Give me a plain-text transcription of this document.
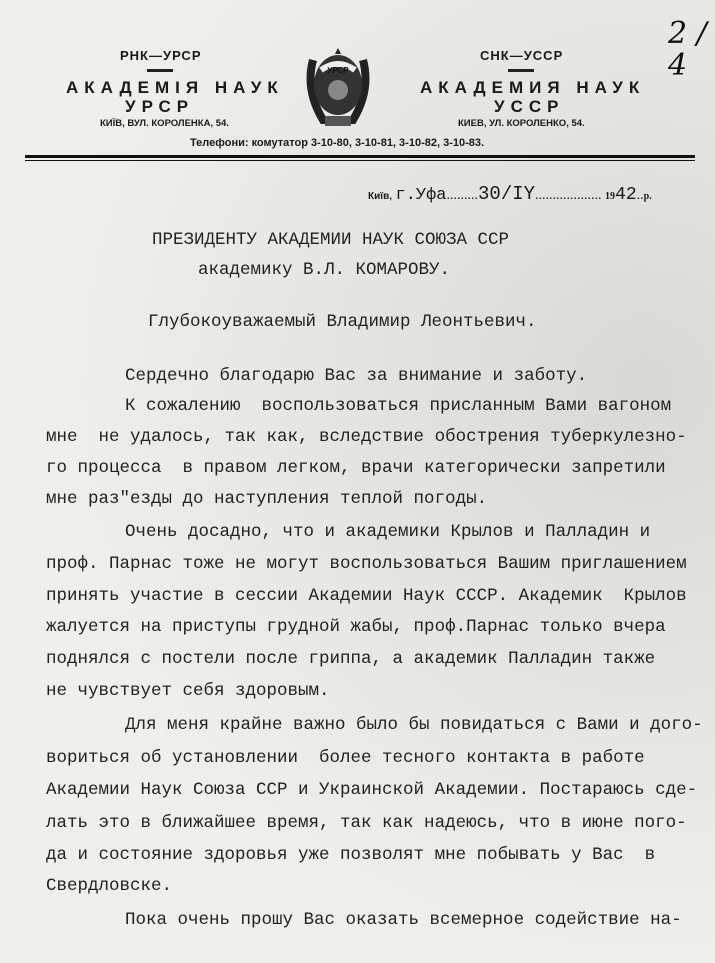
РНК—УРСР
АКАДЕМІЯ НАУК
УРСР
КИЇВ, ВУЛ. КОРОЛЕНКА, 54.
УРСР
СНК—УССР
АКАДЕМИЯ НАУК
УССР
КИЕВ, УЛ. КОРОЛЕНКО, 54.
Телефони: комутатор 3-10-80, 3-10-81, 3-10-82, 3-10-83.
2 / 4
Київ, г.Уфа.........30/IY................... 1942..р.
ПРЕЗИДЕНТУ АКАДЕМИИ НАУК СОЮЗА ССР
академику В.Л. КОМАРОВУ.
Глубокоуважаемый Владимир Леонтьевич.
Сердечно благодарю Вас за внимание и заботу.
К сожалению  воспользоваться присланным Вами вагоном
мне  не удалось, так как, вследствие обострения туберкулезно-
го процесса  в правом легком, врачи категорически запретили
мне раз"езды до наступления теплой погоды.
Очень досадно, что и академики Крылов и Палладин и
проф. Парнас тоже не могут воспользоваться Вашим приглашением
принять участие в сессии Академии Наук СССР. Академик  Крылов
жалуется на приступы грудной жабы, проф.Парнас только вчера
поднялся с постели после гриппа, а академик Палладин также
не чувствует себя здоровым.
Для меня крайне важно было бы повидаться с Вами и дого-
вориться об установлении  более тесного контакта в работе
Академии Наук Союза ССР и Украинской Академии. Постараюсь сде-
лать это в ближайшее время, так как надеюсь, что в июне пого-
да и состояние здоровья уже позволят мне побывать у Вас  в
Свердловске.
Пока очень прошу Вас оказать всемерное содействие на-
